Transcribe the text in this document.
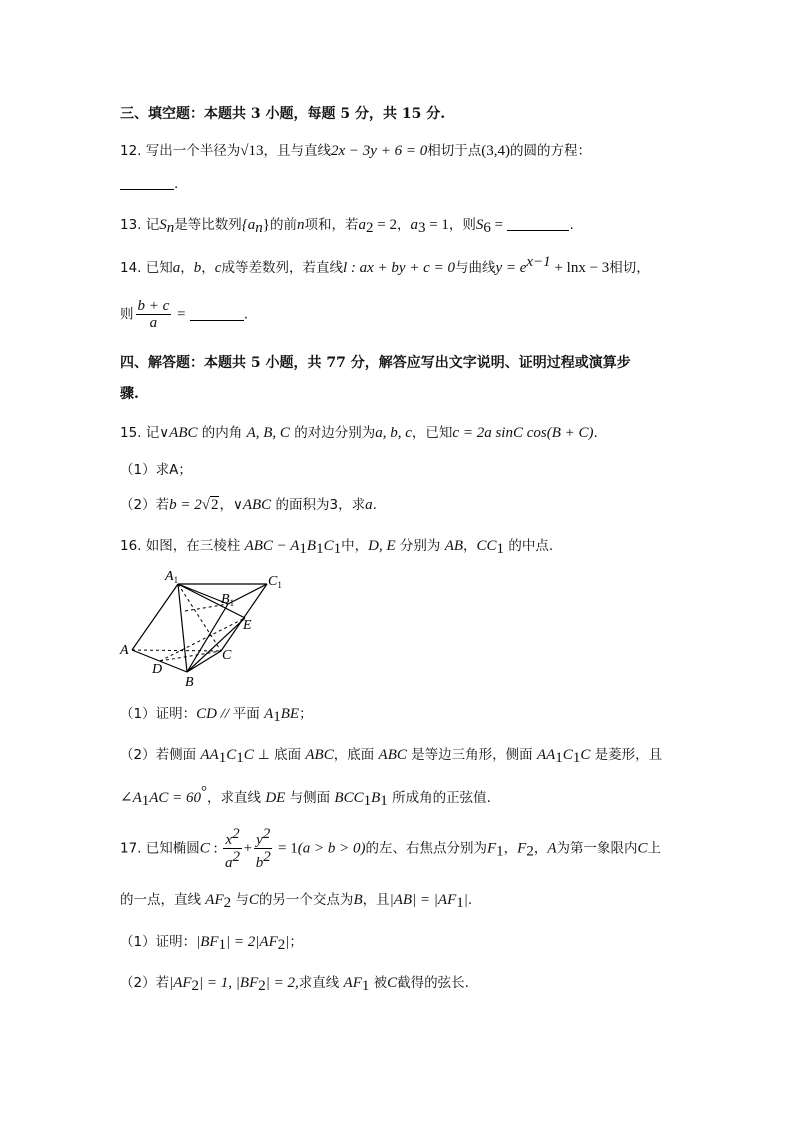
三、填空题：本题共 3 小题，每题 5 分，共 15 分.
12. 写出一个半径为√13，且与直线2x − 3y + 6 = 0相切于点(3,4)的圆的方程：
.
13. 记$S_n$是等比数列$\{a_n\}$的前n项和，若$a_2 = 2$，$a_3 = 1$，则$S_6$ =	.
14. 已知a，b，c成等差数列，若直线l : ax + by + c = 0与曲线$y = e^{x-1} + \ln x - 3$相切，
则 $\frac{b + c}{a}$ =	.
四、解答题：本题共 5 小题，共 77 分，解答应写出文字说明、证明过程或演算步
骤.
15. 记∨ABC 的内角 A, B, C 的对边分别为a, b, c，已知c = 2a sinC cos(B + C).
（1）求A；
（2）若b = 2√2，∨ABC 的面积为3，求a.
16. 如图，在三棱柱 ABC − $A_1B_1C_1$中，D, E 分别为 AB，$CC_1$ 的中点.
$A_1$	$C_1$
$B_1$
E
A	C
D
B
（1）证明：CD // 平面 $A_1BE$；
（2）若侧面 $AA_1C_1C$ ⊥ 底面 ABC，底面 ABC 是等边三角形，侧面 $AA_1C_1C$ 是菱形，且
$\angle A_1AC = 60^\circ$，求直线 DE 与侧面 $BCC_1B_1$ 所成角的正弦值.
17. 已知椭圆C : $\frac{x^2}{a^2} + \frac{y^2}{b^2} = 1(a > b > 0)$的左、右焦点分别为$F_1$，$F_2$，A为第一象限内C上
的一点，直线 $AF_2$ 与C的另一个交点为B，且$|AB| = |AF_1|$.
（1）证明：$|BF_1| = 2|AF_2|$；
（2）若$|AF_2| = 1$, $|BF_2| = 2$,求直线 $AF_1$ 被C截得的弦长.
